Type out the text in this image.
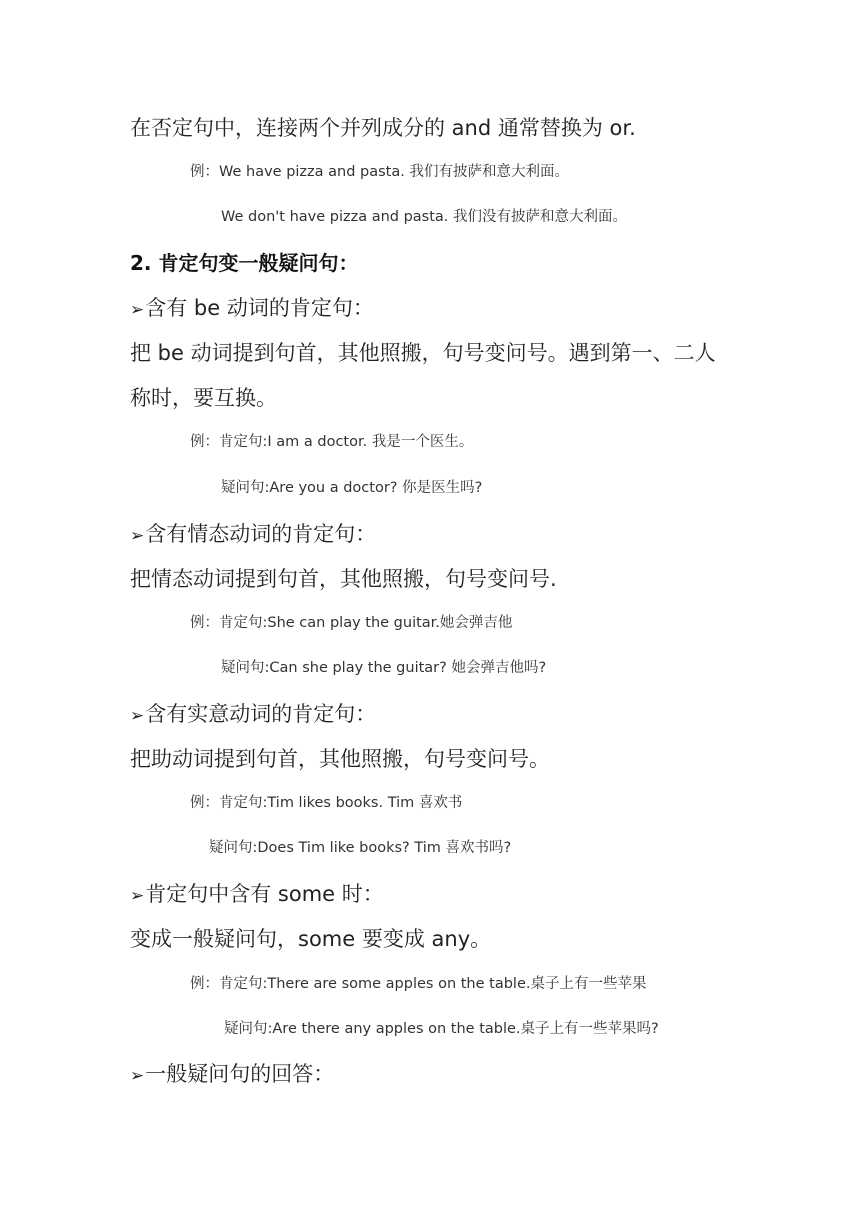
在否定句中，连接两个并列成分的 and 通常替换为 or.
例：We have pizza and pasta. 我们有披萨和意大利面。
We don't have pizza and pasta. 我们没有披萨和意大利面。
2. 肯定句变一般疑问句：
➢含有 be 动词的肯定句：
把 be 动词提到句首，其他照搬，句号变问号。遇到第一、二人
称时，要互换。
例：肯定句:I am a doctor. 我是一个医生。
疑问句:Are you a doctor? 你是医生吗?
➢含有情态动词的肯定句：
把情态动词提到句首，其他照搬，句号变问号.
例：肯定句:She can play the guitar.她会弹吉他
疑问句:Can she play the guitar? 她会弹吉他吗?
➢含有实意动词的肯定句：
把助动词提到句首，其他照搬，句号变问号。
例：肯定句:Tim likes books. Tim 喜欢书
疑问句:Does Tim like books? Tim 喜欢书吗?
➢肯定句中含有 some 时：
变成一般疑问句，some 要变成 any。
例：肯定句:There are some apples on the table.桌子上有一些苹果
疑问句:Are there any apples on the table.桌子上有一些苹果吗?
➢一般疑问句的回答：
